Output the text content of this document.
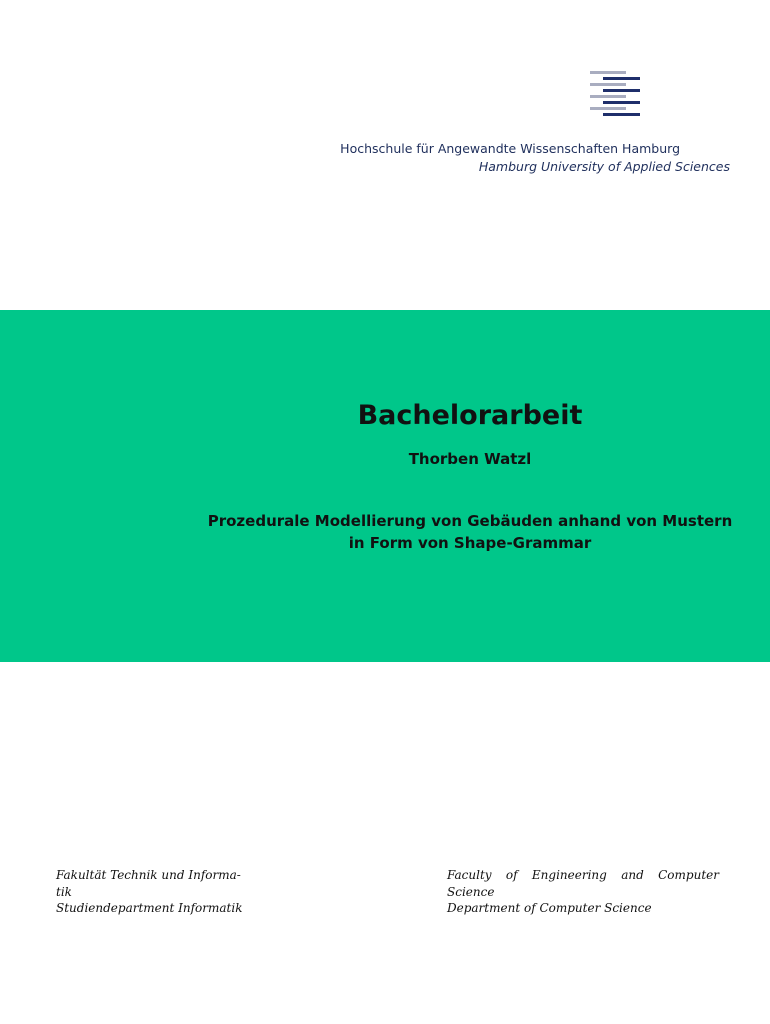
Hochschule für Angewandte Wissenschaften Hamburg
Hamburg University of Applied Sciences
Bachelorarbeit
Thorben Watzl
Prozedurale Modellierung von Gebäuden anhand von Mustern
in Form von Shape-Grammar
Fakultät Technik und Informa-
tik
Studiendepartment Informatik
Faculty of Engineering and Computer
Science
Department of Computer Science
